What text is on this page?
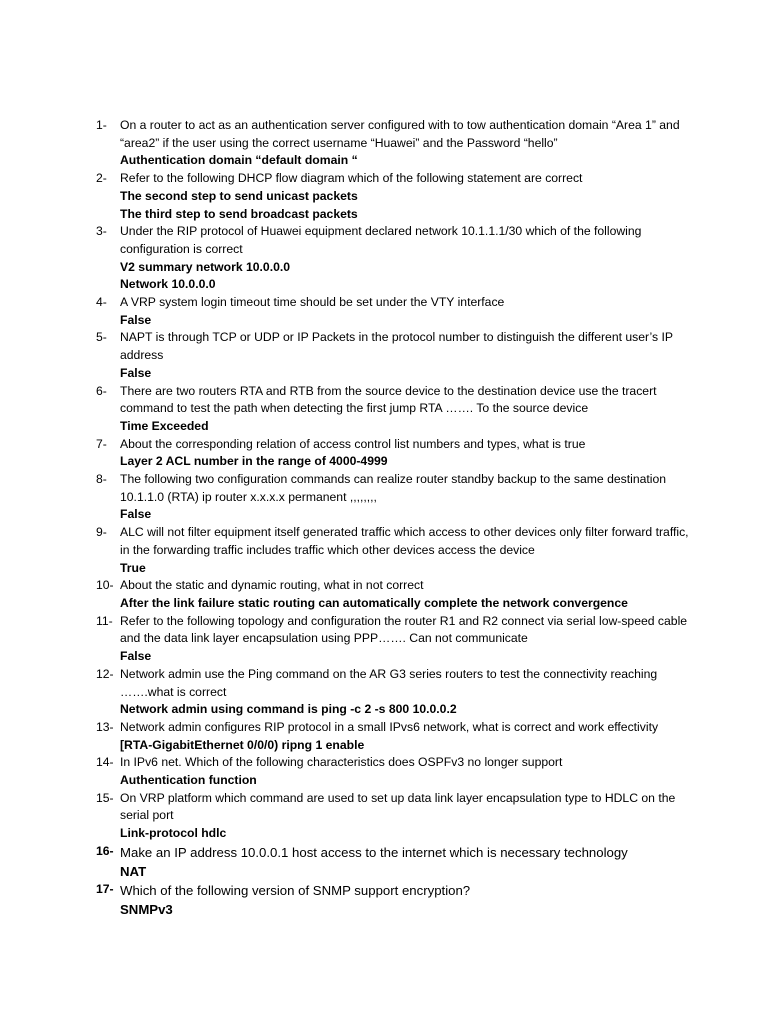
1- On a router to act as an authentication server configured with to tow authentication domain “Area 1” and “area2” if the user using the correct username “Huawei” and the Password “hello”
Authentication domain “default domain “
2- Refer to the following DHCP flow diagram which of the following statement are correct
The second step to send unicast packets
The third step to send broadcast packets
3- Under the RIP protocol of Huawei equipment declared network 10.1.1.1/30 which of the following configuration is correct
V2 summary network 10.0.0.0
Network 10.0.0.0
4- A VRP system login timeout time should be set under the VTY interface
False
5- NAPT is through TCP or UDP or IP Packets in the protocol number to distinguish the different user’s IP address
False
6- There are two routers RTA and RTB from the source device to the destination device use the tracert command to test the path when detecting the first jump RTA ……. To the source device
Time Exceeded
7- About the corresponding relation of access control list numbers and types, what is true
Layer 2 ACL number in the range of 4000-4999
8- The following two configuration commands can realize router standby backup to the same destination 10.1.1.0 (RTA) ip router x.x.x.x permanent ,,,,,,,,
False
9- ALC will not filter equipment itself generated traffic which access to other devices only filter forward traffic, in the forwarding traffic includes traffic which other devices access the device
True
10- About the static and dynamic routing, what in not correct
After the link failure static routing can automatically complete the network convergence
11- Refer to the following topology and configuration the router R1 and R2 connect via serial low-speed cable and the data link layer encapsulation using PPP……. Can not communicate
False
12- Network admin use the Ping command on the AR G3 series routers to test the connectivity reaching …….what is correct
Network admin using command is ping -c 2 -s 800 10.0.0.2
13- Network admin configures RIP protocol in a small IPvs6 network, what is correct and work effectivity
[RTA-GigabitEthernet 0/0/0) ripng 1 enable
14- In IPv6 net. Which of the following characteristics does OSPFv3 no longer support
Authentication function
15- On VRP platform which command are used to set up data link layer encapsulation type to HDLC on the serial port
Link-protocol hdlc
16- Make an IP address 10.0.0.1 host access to the internet which is necessary technology
NAT
17- Which of the following version of SNMP support encryption?
SNMPv3
